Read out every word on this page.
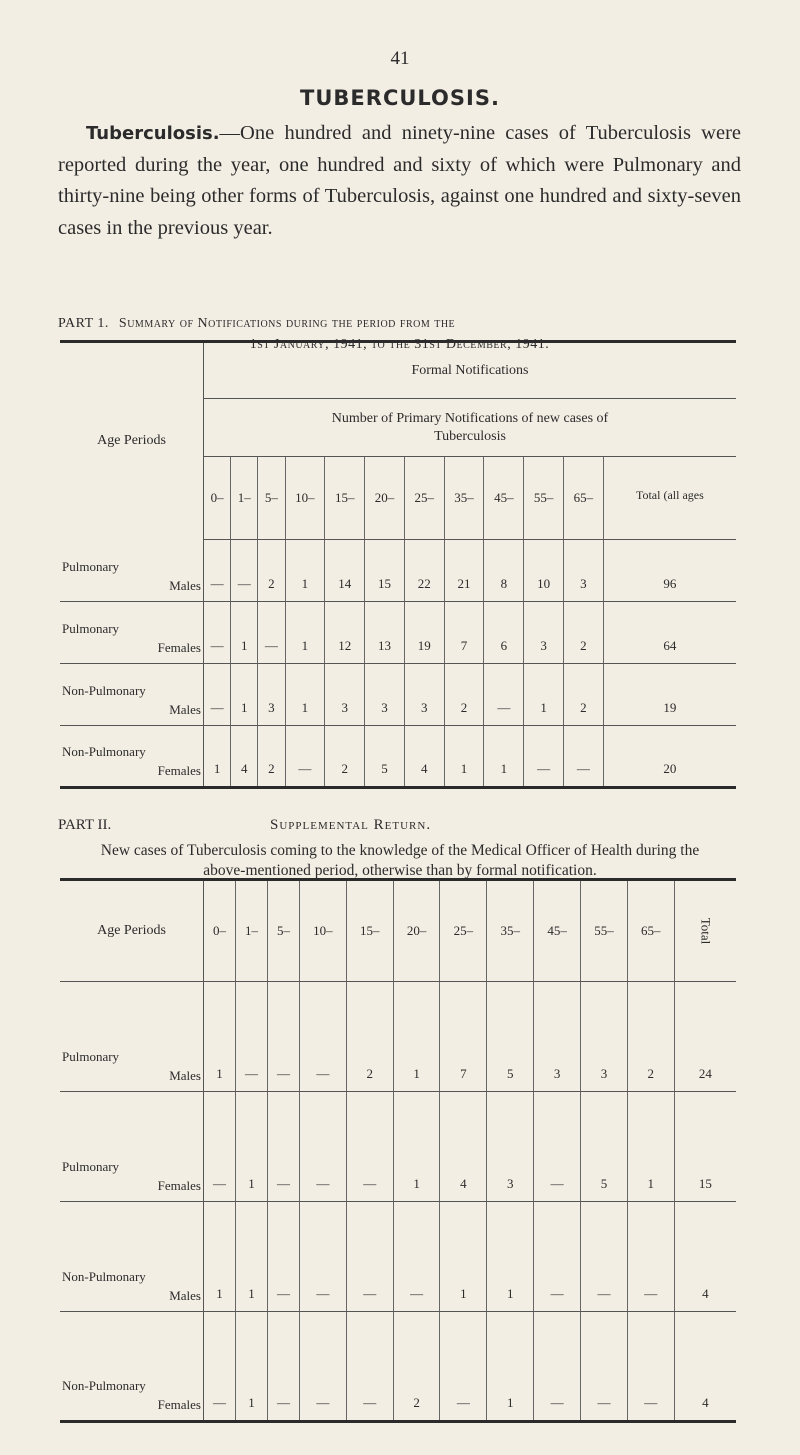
41
TUBERCULOSIS.
Tuberculosis.—One hundred and ninety-nine cases of Tuberculosis were reported during the year, one hundred and sixty of which were Pulmonary and thirty-nine being other forms of Tuberculosis, against one hundred and sixty-seven cases in the previous year.
PART 1. Summary of Notifications during the period from the
1st January, 1941, to the 31st December, 1941.
Age Periods	Formal Notifications											
	Number of Primary Notifications of new cases of Tuberculosis											
	0–	1–	5–	10–	15–	20–	25–	35–	45–	55–	65–	Total (all ages
Pulmonary
Males	—	—	2	1	14	15	22	21	8	10	3	96
Pulmonary
Females	—	1	—	1	12	13	19	7	6	3	2	64
Non-Pulmonary
Males	—	1	3	1	3	3	3	2	—	1	2	19
Non-Pulmonary
Females	1	4	2	—	2	5	4	1	1	—	—	20
PART II.	Supplemental Return.
New cases of Tuberculosis coming to the knowledge of the Medical Officer of Health during the above-mentioned period, otherwise than by formal notification.
Age Periods	0–	1–	5–	10–	15–	20–	25–	35–	45–	55–	65–	Total
Pulmonary
Males	1	—	—	—	2	1	7	5	3	3	2	24
Pulmonary
Females	—	1	—	—	—	1	4	3	—	5	1	15
Non-Pulmonary
Males	1	1	—	—	—	—	1	1	—	—	—	4
Non-Pulmonary
Females	—	1	—	—	—	2	—	1	—	—	—	4
